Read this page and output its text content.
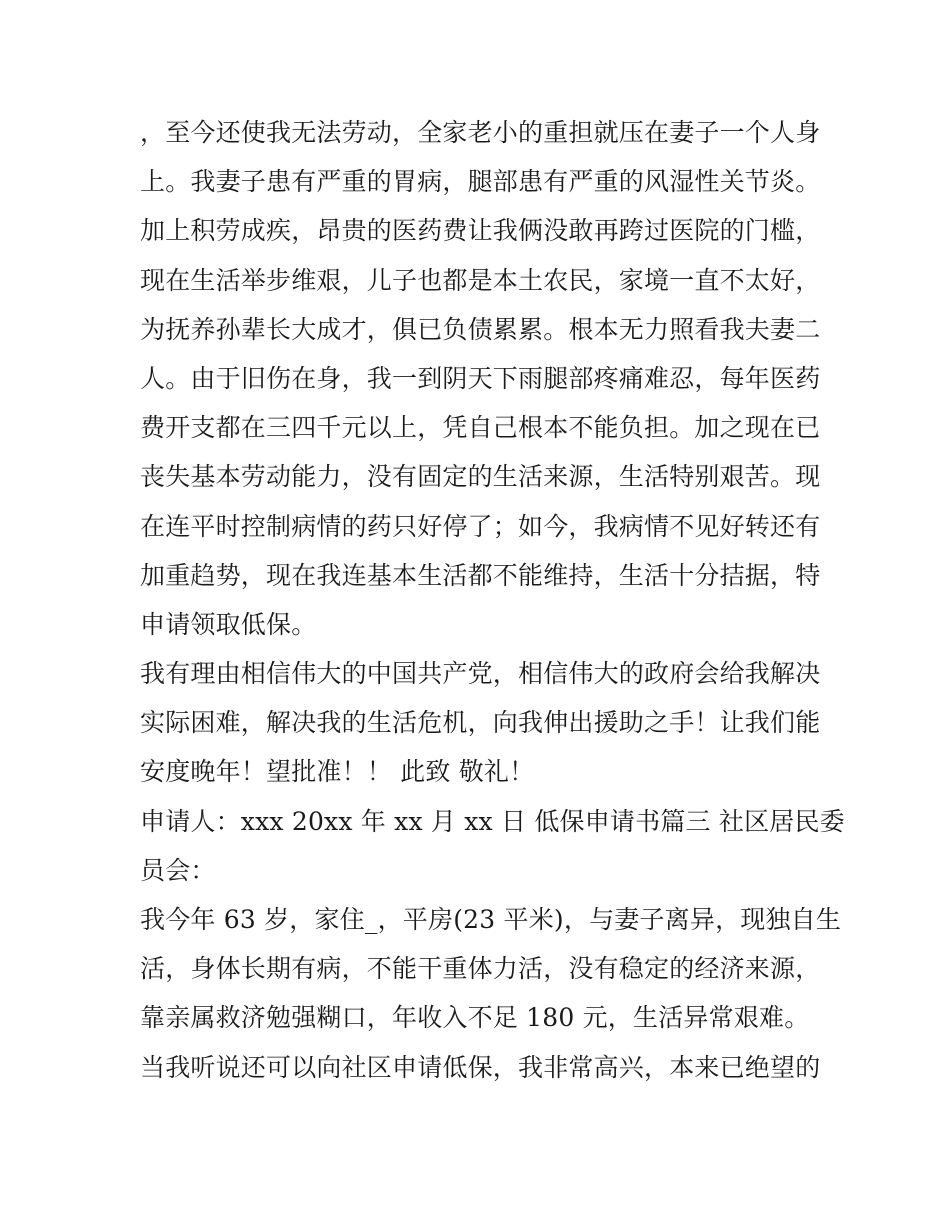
，至今还使我无法劳动，全家老小的重担就压在妻子一个人身
上。我妻子患有严重的胃病，腿部患有严重的风湿性关节炎。
加上积劳成疾，昂贵的医药费让我俩没敢再跨过医院的门槛，
现在生活举步维艰，儿子也都是本土农民，家境一直不太好，
为抚养孙辈长大成才，俱已负债累累。根本无力照看我夫妻二
人。由于旧伤在身，我一到阴天下雨腿部疼痛难忍，每年医药
费开支都在三四千元以上，凭自己根本不能负担。加之现在已
丧失基本劳动能力，没有固定的生活来源，生活特别艰苦。现
在连平时控制病情的药只好停了；如今，我病情不见好转还有
加重趋势，现在我连基本生活都不能维持，生活十分拮据，特
申请领取低保。
我有理由相信伟大的中国共产党，相信伟大的政府会给我解决
实际困难，解决我的生活危机，向我伸出援助之手！让我们能
安度晚年！望批准！！ 此致 敬礼！
申请人：xxx 20xx 年 xx 月 xx 日 低保申请书篇三 社区居民委
员会：
我今年 63 岁，家住_，平房(23 平米)，与妻子离异，现独自生
活，身体长期有病，不能干重体力活，没有稳定的经济来源，
靠亲属救济勉强糊口，年收入不足 180 元，生活异常艰难。
当我听说还可以向社区申请低保，我非常高兴，本来已绝望的
